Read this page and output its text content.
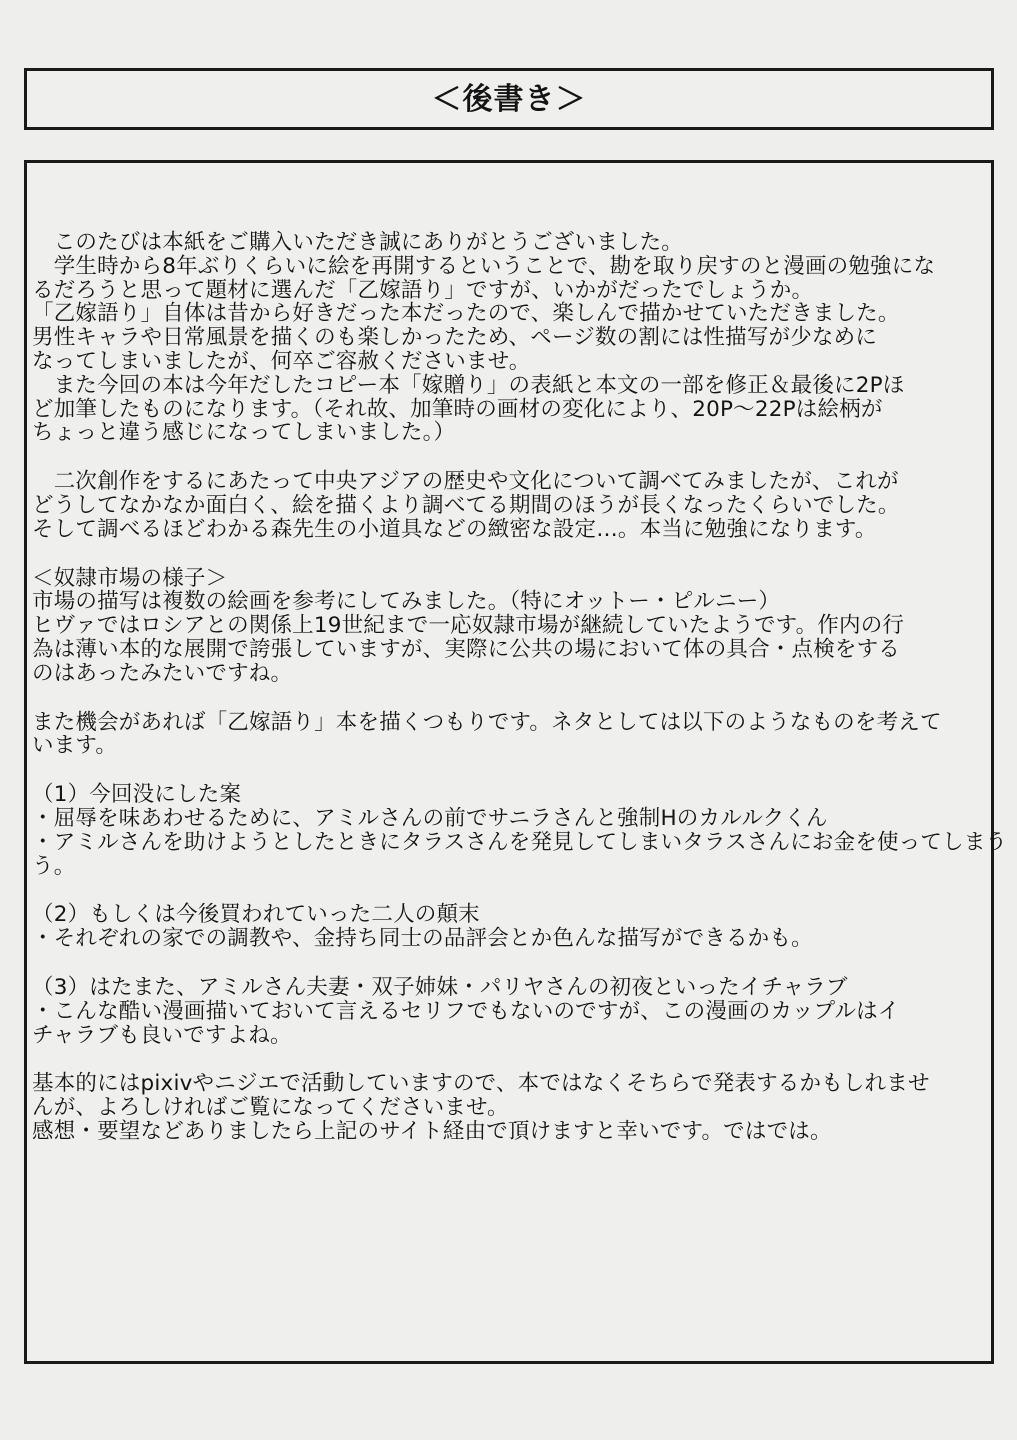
＜後書き＞
　このたびは本紙をご購入いただき誠にありがとうございました。
　学生時から8年ぶりくらいに絵を再開するということで、勘を取り戻すのと漫画の勉強にな
るだろうと思って題材に選んだ「乙嫁語り」ですが、いかがだったでしょうか。
「乙嫁語り」自体は昔から好きだった本だったので、楽しんで描かせていただきました。
男性キャラや日常風景を描くのも楽しかったため、ページ数の割には性描写が少なめに
なってしまいましたが、何卒ご容赦くださいませ。
　また今回の本は今年だしたコピー本「嫁贈り」の表紙と本文の一部を修正＆最後に2Pほ
ど加筆したものになります。（それ故、加筆時の画材の変化により、20P～22Pは絵柄が
ちょっと違う感じになってしまいました。）
　二次創作をするにあたって中央アジアの歴史や文化について調べてみましたが、これが
どうしてなかなか面白く、絵を描くより調べてる期間のほうが長くなったくらいでした。
そして調べるほどわかる森先生の小道具などの緻密な設定…。本当に勉強になります。
＜奴隷市場の様子＞
市場の描写は複数の絵画を参考にしてみました。（特にオットー・ピルニー）
ヒヴァではロシアとの関係上19世紀まで一応奴隷市場が継続していたようです。作内の行
為は薄い本的な展開で誇張していますが、実際に公共の場において体の具合・点検をする
のはあったみたいですね。
また機会があれば「乙嫁語り」本を描くつもりです。ネタとしては以下のようなものを考えて
います。
（1）今回没にした案
・屈辱を味あわせるために、アミルさんの前でサニラさんと強制Hのカルルクくん
・アミルさんを助けようとしたときにタラスさんを発見してしまいタラスさんにお金を使ってしまう
う。
（2）もしくは今後買われていった二人の顛末
・それぞれの家での調教や、金持ち同士の品評会とか色んな描写ができるかも。
（3）はたまた、アミルさん夫妻・双子姉妹・パリヤさんの初夜といったイチャラブ
・こんな酷い漫画描いておいて言えるセリフでもないのですが、この漫画のカップルはイ
チャラブも良いですよね。
基本的にはpixivやニジエで活動していますので、本ではなくそちらで発表するかもしれませ
んが、よろしければご覧になってくださいませ。
感想・要望などありましたら上記のサイト経由で頂けますと幸いです。ではでは。
